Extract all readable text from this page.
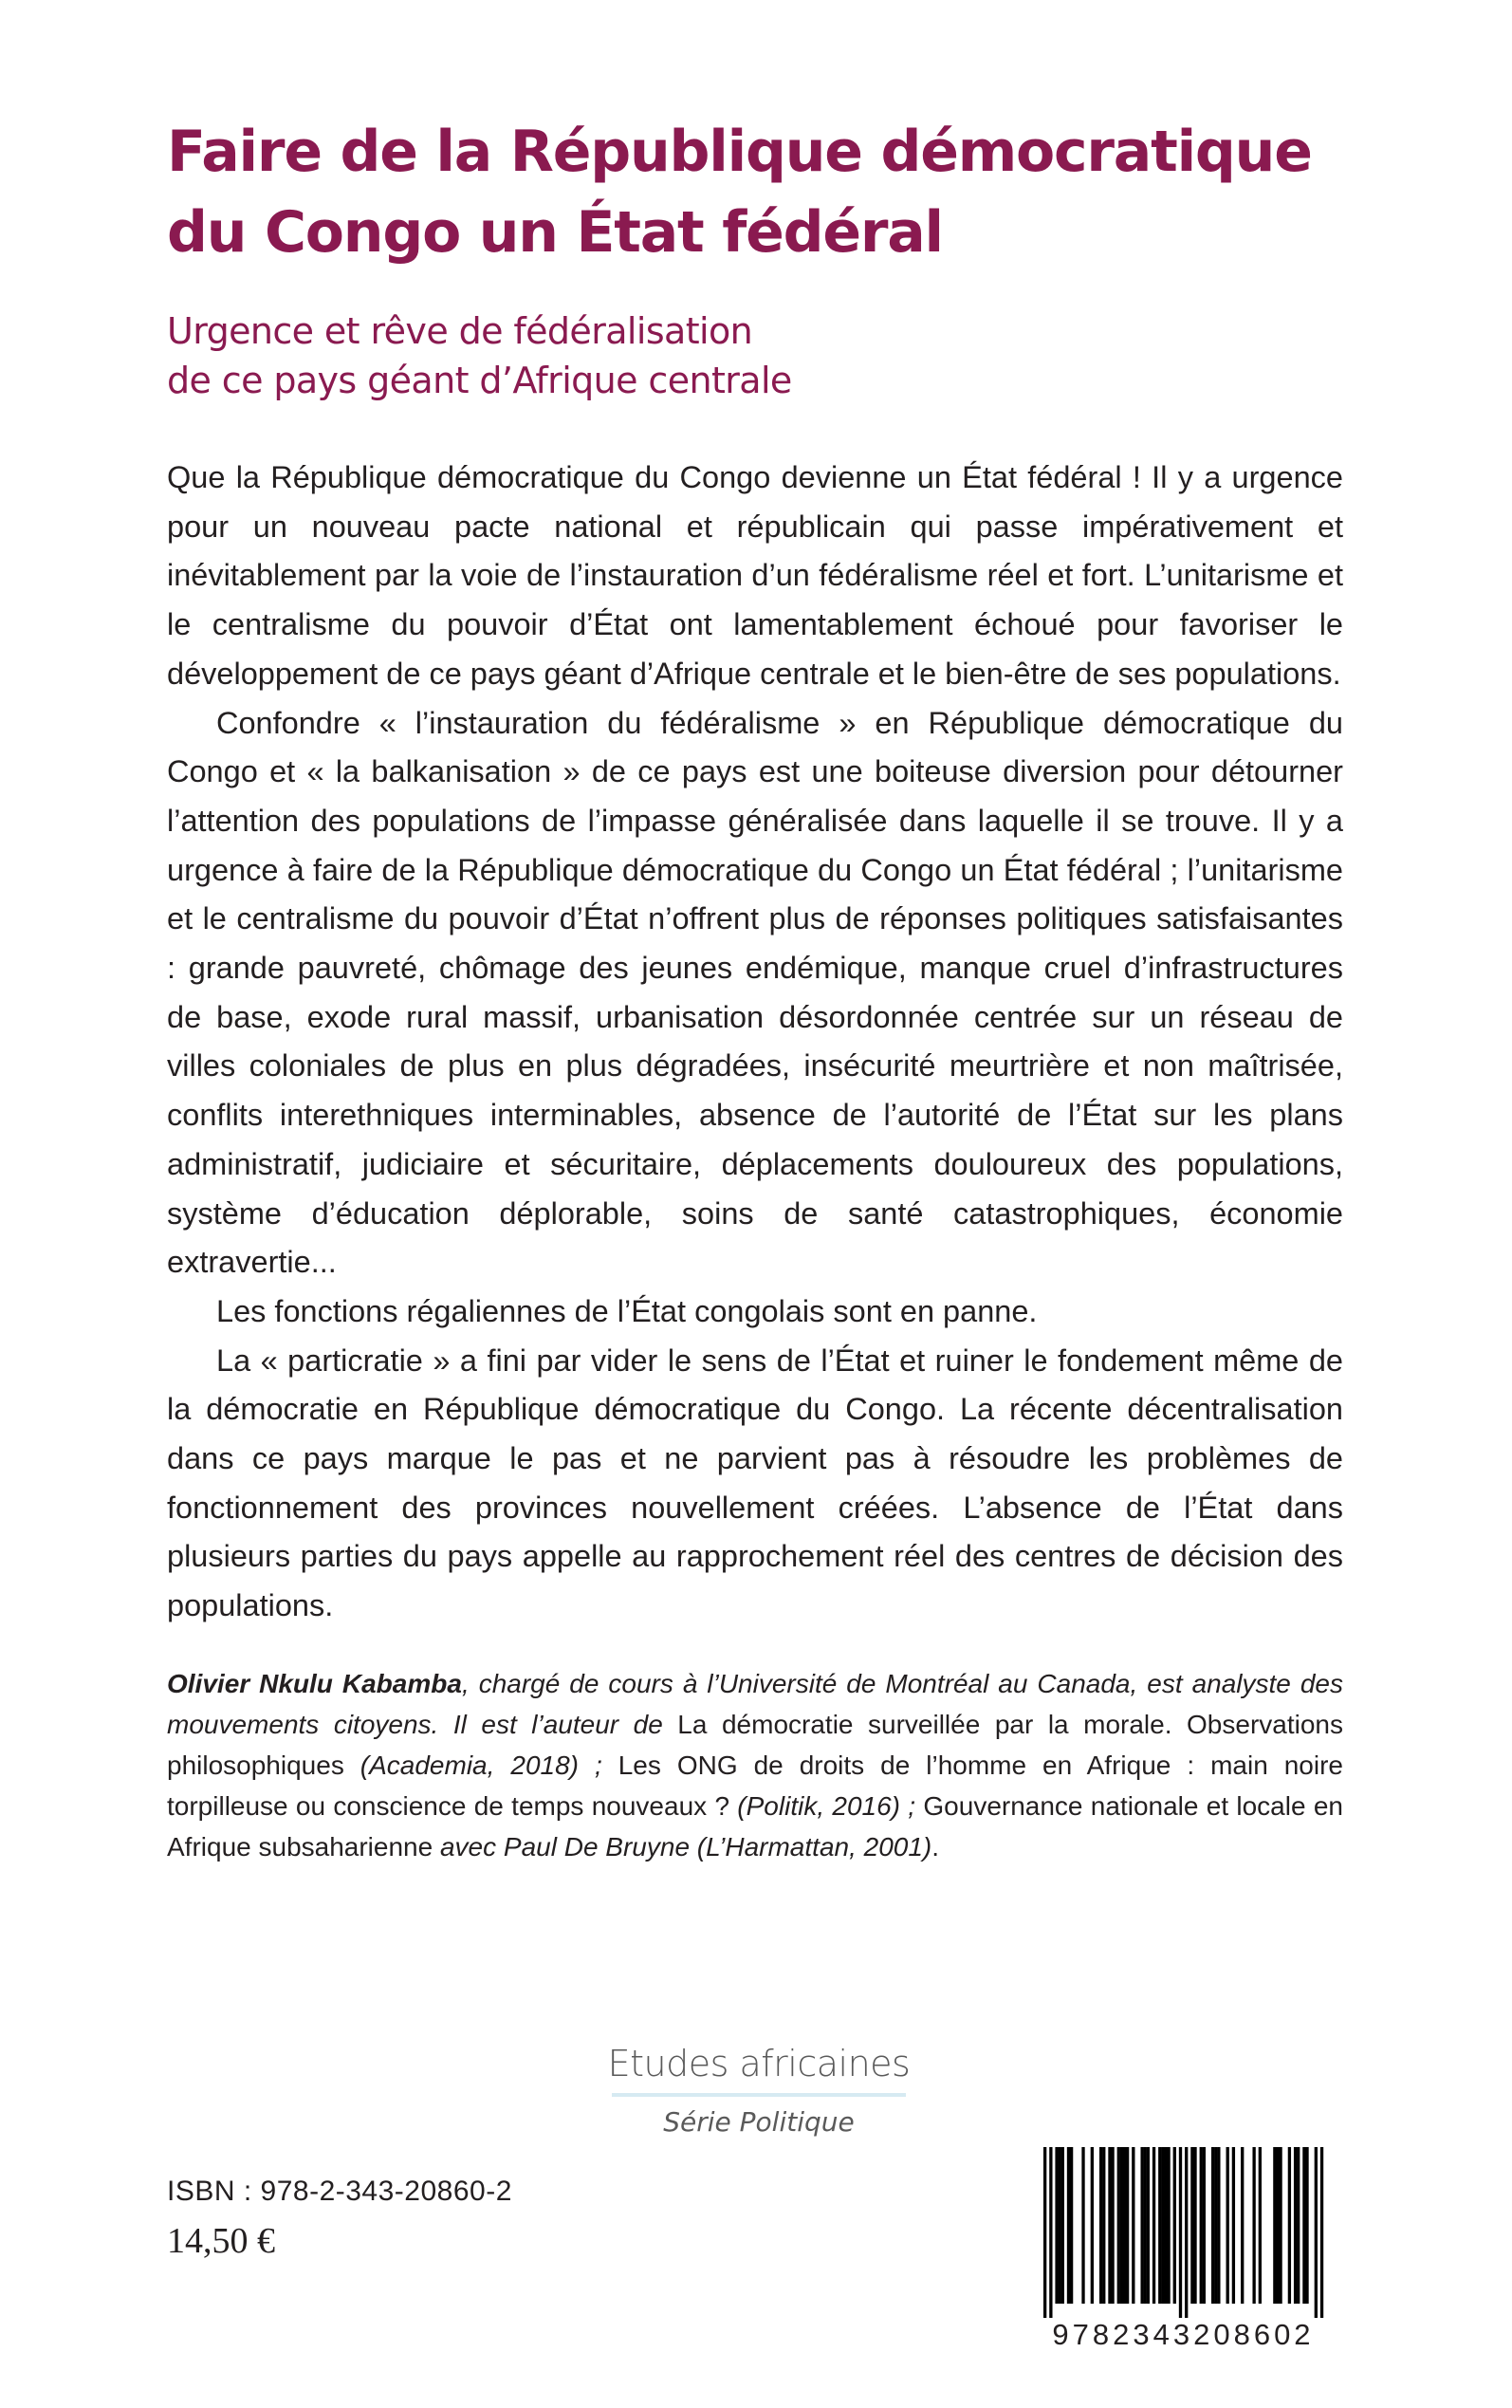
Faire de la République démocratique
du Congo un État fédéral
Urgence et rêve de fédéralisation
de ce pays géant d’Afrique centrale

Que la République démocratique du Congo devienne un État fédéral ! Il y a urgence pour un nouveau pacte national et républicain qui passe impérativement et inévitablement par la voie de l’instauration d’un fédéralisme réel et fort. L’unitarisme et le centralisme du pouvoir d’État ont lamentablement échoué pour favoriser le développement de ce pays géant d’Afrique centrale et le bien-être de ses populations.

Confondre « l’instauration du fédéralisme » en République démocratique du Congo et « la balkanisation » de ce pays est une boiteuse diversion pour détourner l’attention des populations de l’impasse généralisée dans laquelle il se trouve. Il y a urgence à faire de la République démocratique du Congo un État fédéral ; l’unitarisme et le centralisme du pouvoir d’État n’offrent plus de réponses politiques satisfaisantes : grande pauvreté, chômage des jeunes endémique, manque cruel d’infrastructures de base, exode rural massif, urbanisation désordonnée centrée sur un réseau de villes coloniales de plus en plus dégradées, insécurité meurtrière et non maîtrisée, conflits interethniques interminables, absence de l’autorité de l’État sur les plans administratif, judiciaire et sécuritaire, déplacements douloureux des populations, système d’éducation déplorable, soins de santé catastrophiques, économie extravertie...

Les fonctions régaliennes de l’État congolais sont en panne.

La « particratie » a fini par vider le sens de l’État et ruiner le fondement même de la démocratie en République démocratique du Congo. La récente décentralisation dans ce pays marque le pas et ne parvient pas à résoudre les problèmes de fonctionnement des provinces nouvellement créées. L’absence de l’État dans plusieurs parties du pays appelle au rapprochement réel des centres de décision des populations.

Olivier Nkulu Kabamba, chargé de cours à l’Université de Montréal au Canada, est analyste des mouvements citoyens. Il est l’auteur de La démocratie surveillée par la morale. Observations philosophiques (Academia, 2018) ; Les ONG de droits de l’homme en Afrique : main noire torpilleuse ou conscience de temps nouveaux ? (Politik, 2016) ; Gouvernance nationale et locale en Afrique subsaharienne avec Paul De Bruyne (L’Harmattan, 2001).
Etudes africaines
Série Politique
ISBN : 978-2-343-20860-2
14,50 €
9782343208602
